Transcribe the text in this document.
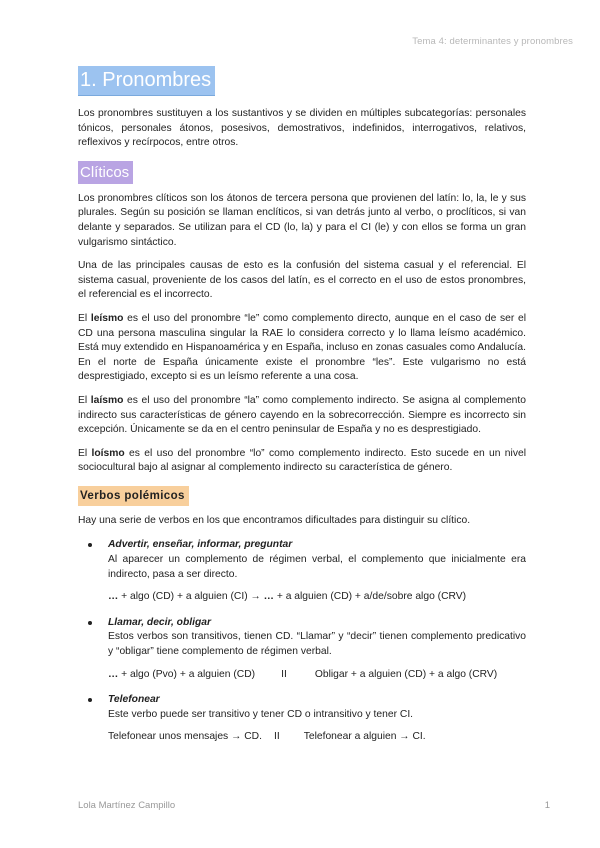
Tema 4: determinantes y pronombres
1. Pronombres

Los pronombres sustituyen a los sustantivos y se dividen en múltiples subcategorías: personales tónicos, personales átonos, posesivos, demostrativos, indefinidos, interrogativos, relativos, reflexivos y recírpocos, entre otros.

Clíticos

Los pronombres clíticos son los átonos de tercera persona que provienen del latín: lo, la, le y sus plurales. Según su posición se llaman enclíticos, si van detrás junto al verbo, o proclíticos, si van delante y separados. Se utilizan para el CD (lo, la) y para el CI (le) y con ellos se forma un gran vulgarismo sintáctico.

Una de las principales causas de esto es la confusión del sistema casual y el referencial. El sistema casual, proveniente de los casos del latín, es el correcto en el uso de estos pronombres, el referencial es el incorrecto.

El leísmo es el uso del pronombre “le” como complemento directo, aunque en el caso de ser el CD una persona masculina singular la RAE lo considera correcto y lo llama leísmo académico. Está muy extendido en Hispanoamérica y en España, incluso en zonas casuales como Andalucía. En el norte de España únicamente existe el pronombre “les”. Este vulgarismo no está desprestigiado, excepto si es un leísmo referente a una cosa.

El laísmo es el uso del pronombre “la” como complemento indirecto. Se asigna al complemento indirecto sus características de género cayendo en la sobrecorrección. Siempre es incorrecto sin excepción. Únicamente se da en el centro peninsular de España y no es desprestigiado.

El loísmo es el uso del pronombre “lo” como complemento indirecto. Esto sucede en un nivel sociocultural bajo al asignar al complemento indirecto su característica de género.

Verbos polémicos

Hay una serie de verbos en los que encontramos dificultades para distinguir su clítico.

Advertir, enseñar, informar, preguntar

Al aparecer un complemento de régimen verbal, el complemento que inicialmente era indirecto, pasa a ser directo.

… + algo (CD) + a alguien (CI) → … + a alguien (CD) + a/de/sobre algo (CRV)
Llamar, decir, obligar

Estos verbos son transitivos, tienen CD. “Llamar” y “decir” tienen complemento predicativo y “obligar” tiene complemento de régimen verbal.

… + algo (Pvo) + a alguien (CD)	II	Obligar + a alguien (CD) + a algo (CRV)
Telefonear

Este verbo puede ser transitivo y tener CD o intransitivo y tener CI.

Telefonear unos mensajes → CD. II Telefonear a alguien → CI.
Lola Martínez Campillo	1
